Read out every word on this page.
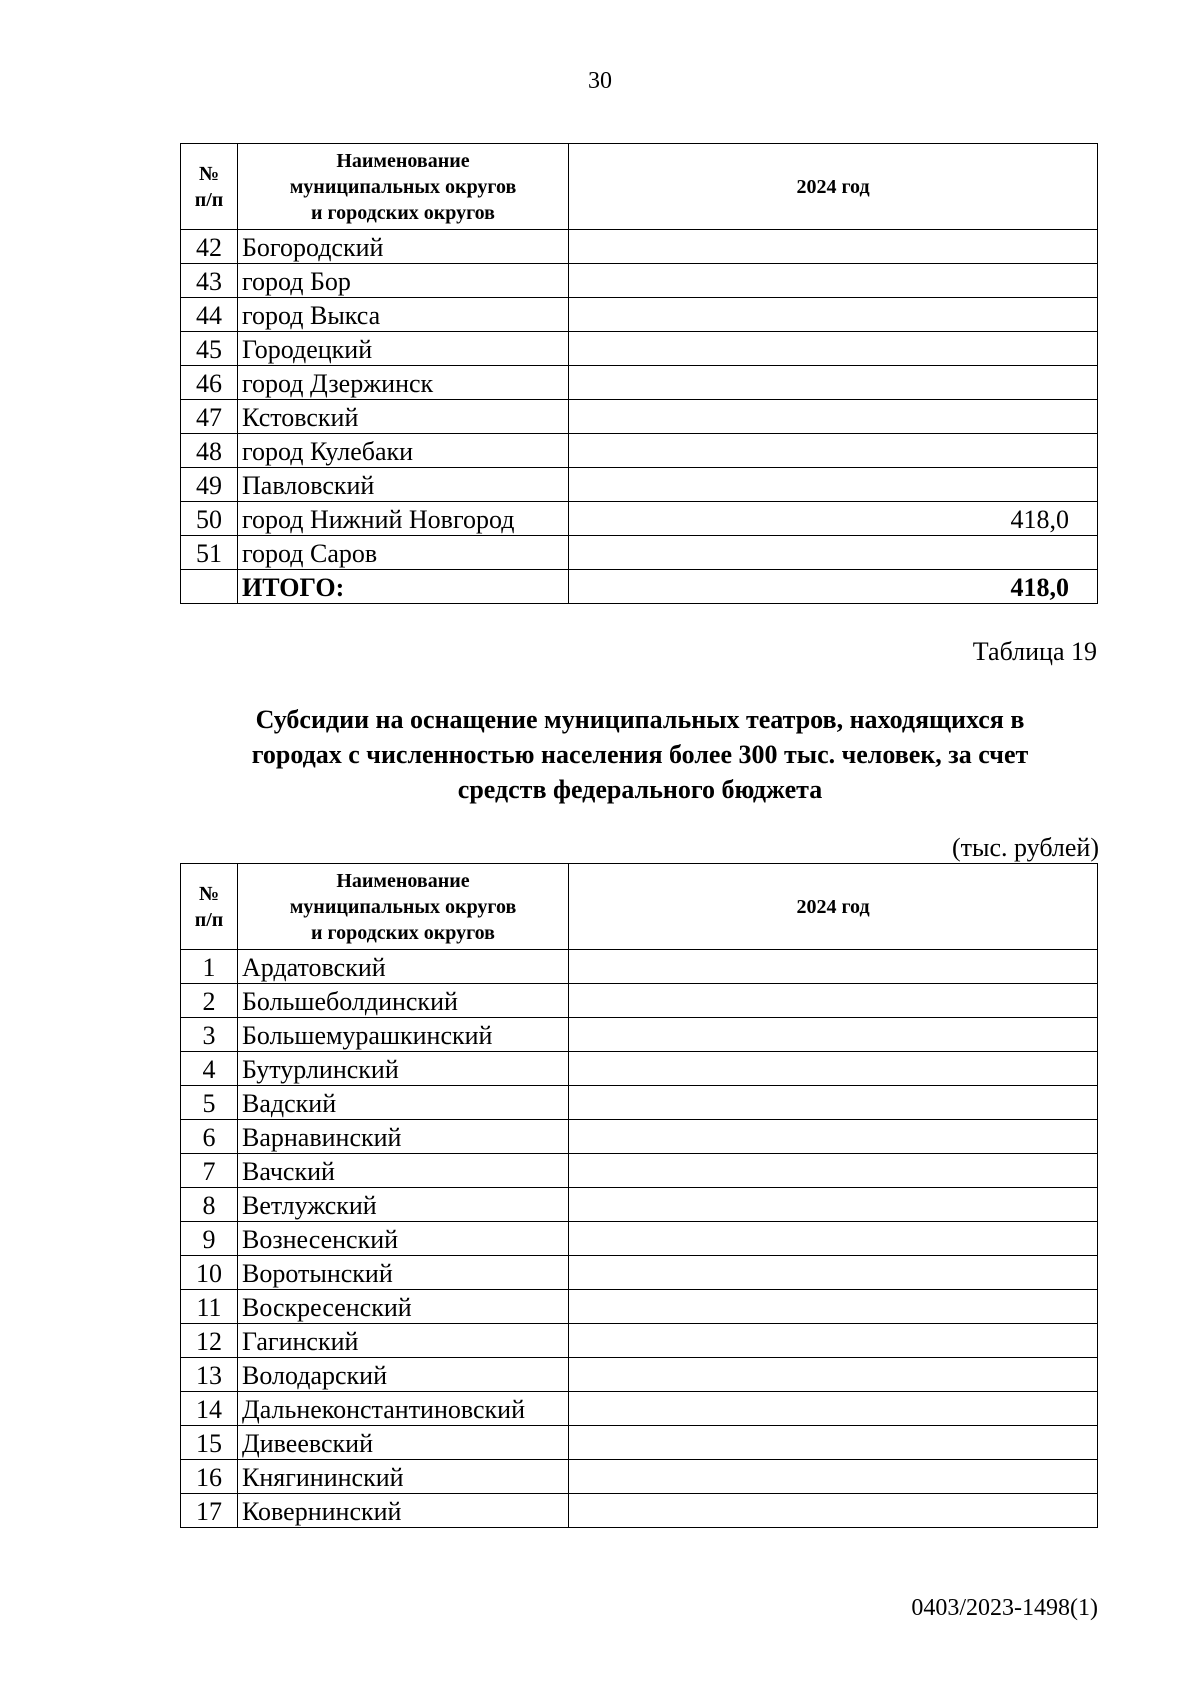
30
№
п/п	Наименование
муниципальных округов
и городских округов	2024 год
42	Богородский	
43	город Бор	
44	город Выкса	
45	Городецкий	
46	город Дзержинск	
47	Кстовский	
48	город Кулебаки	
49	Павловский	
50	город Нижний Новгород	418,0
51	город Саров	
	ИТОГО:	418,0
Таблица 19
Субсидии на оснащение муниципальных театров, находящихся в
городах с численностью населения более 300 тыс. человек, за счет
средств федерального бюджета
(тыс. рублей)
№
п/п	Наименование
муниципальных округов
и городских округов	2024 год
1	Ардатовский	
2	Большеболдинский	
3	Большемурашкинский	
4	Бутурлинский	
5	Вадский	
6	Варнавинский	
7	Вачский	
8	Ветлужский	
9	Вознесенский	
10	Воротынский	
11	Воскресенский	
12	Гагинский	
13	Володарский	
14	Дальнеконстантиновский	
15	Дивеевский	
16	Княгининский	
17	Ковернинский	
0403/2023-1498(1)
